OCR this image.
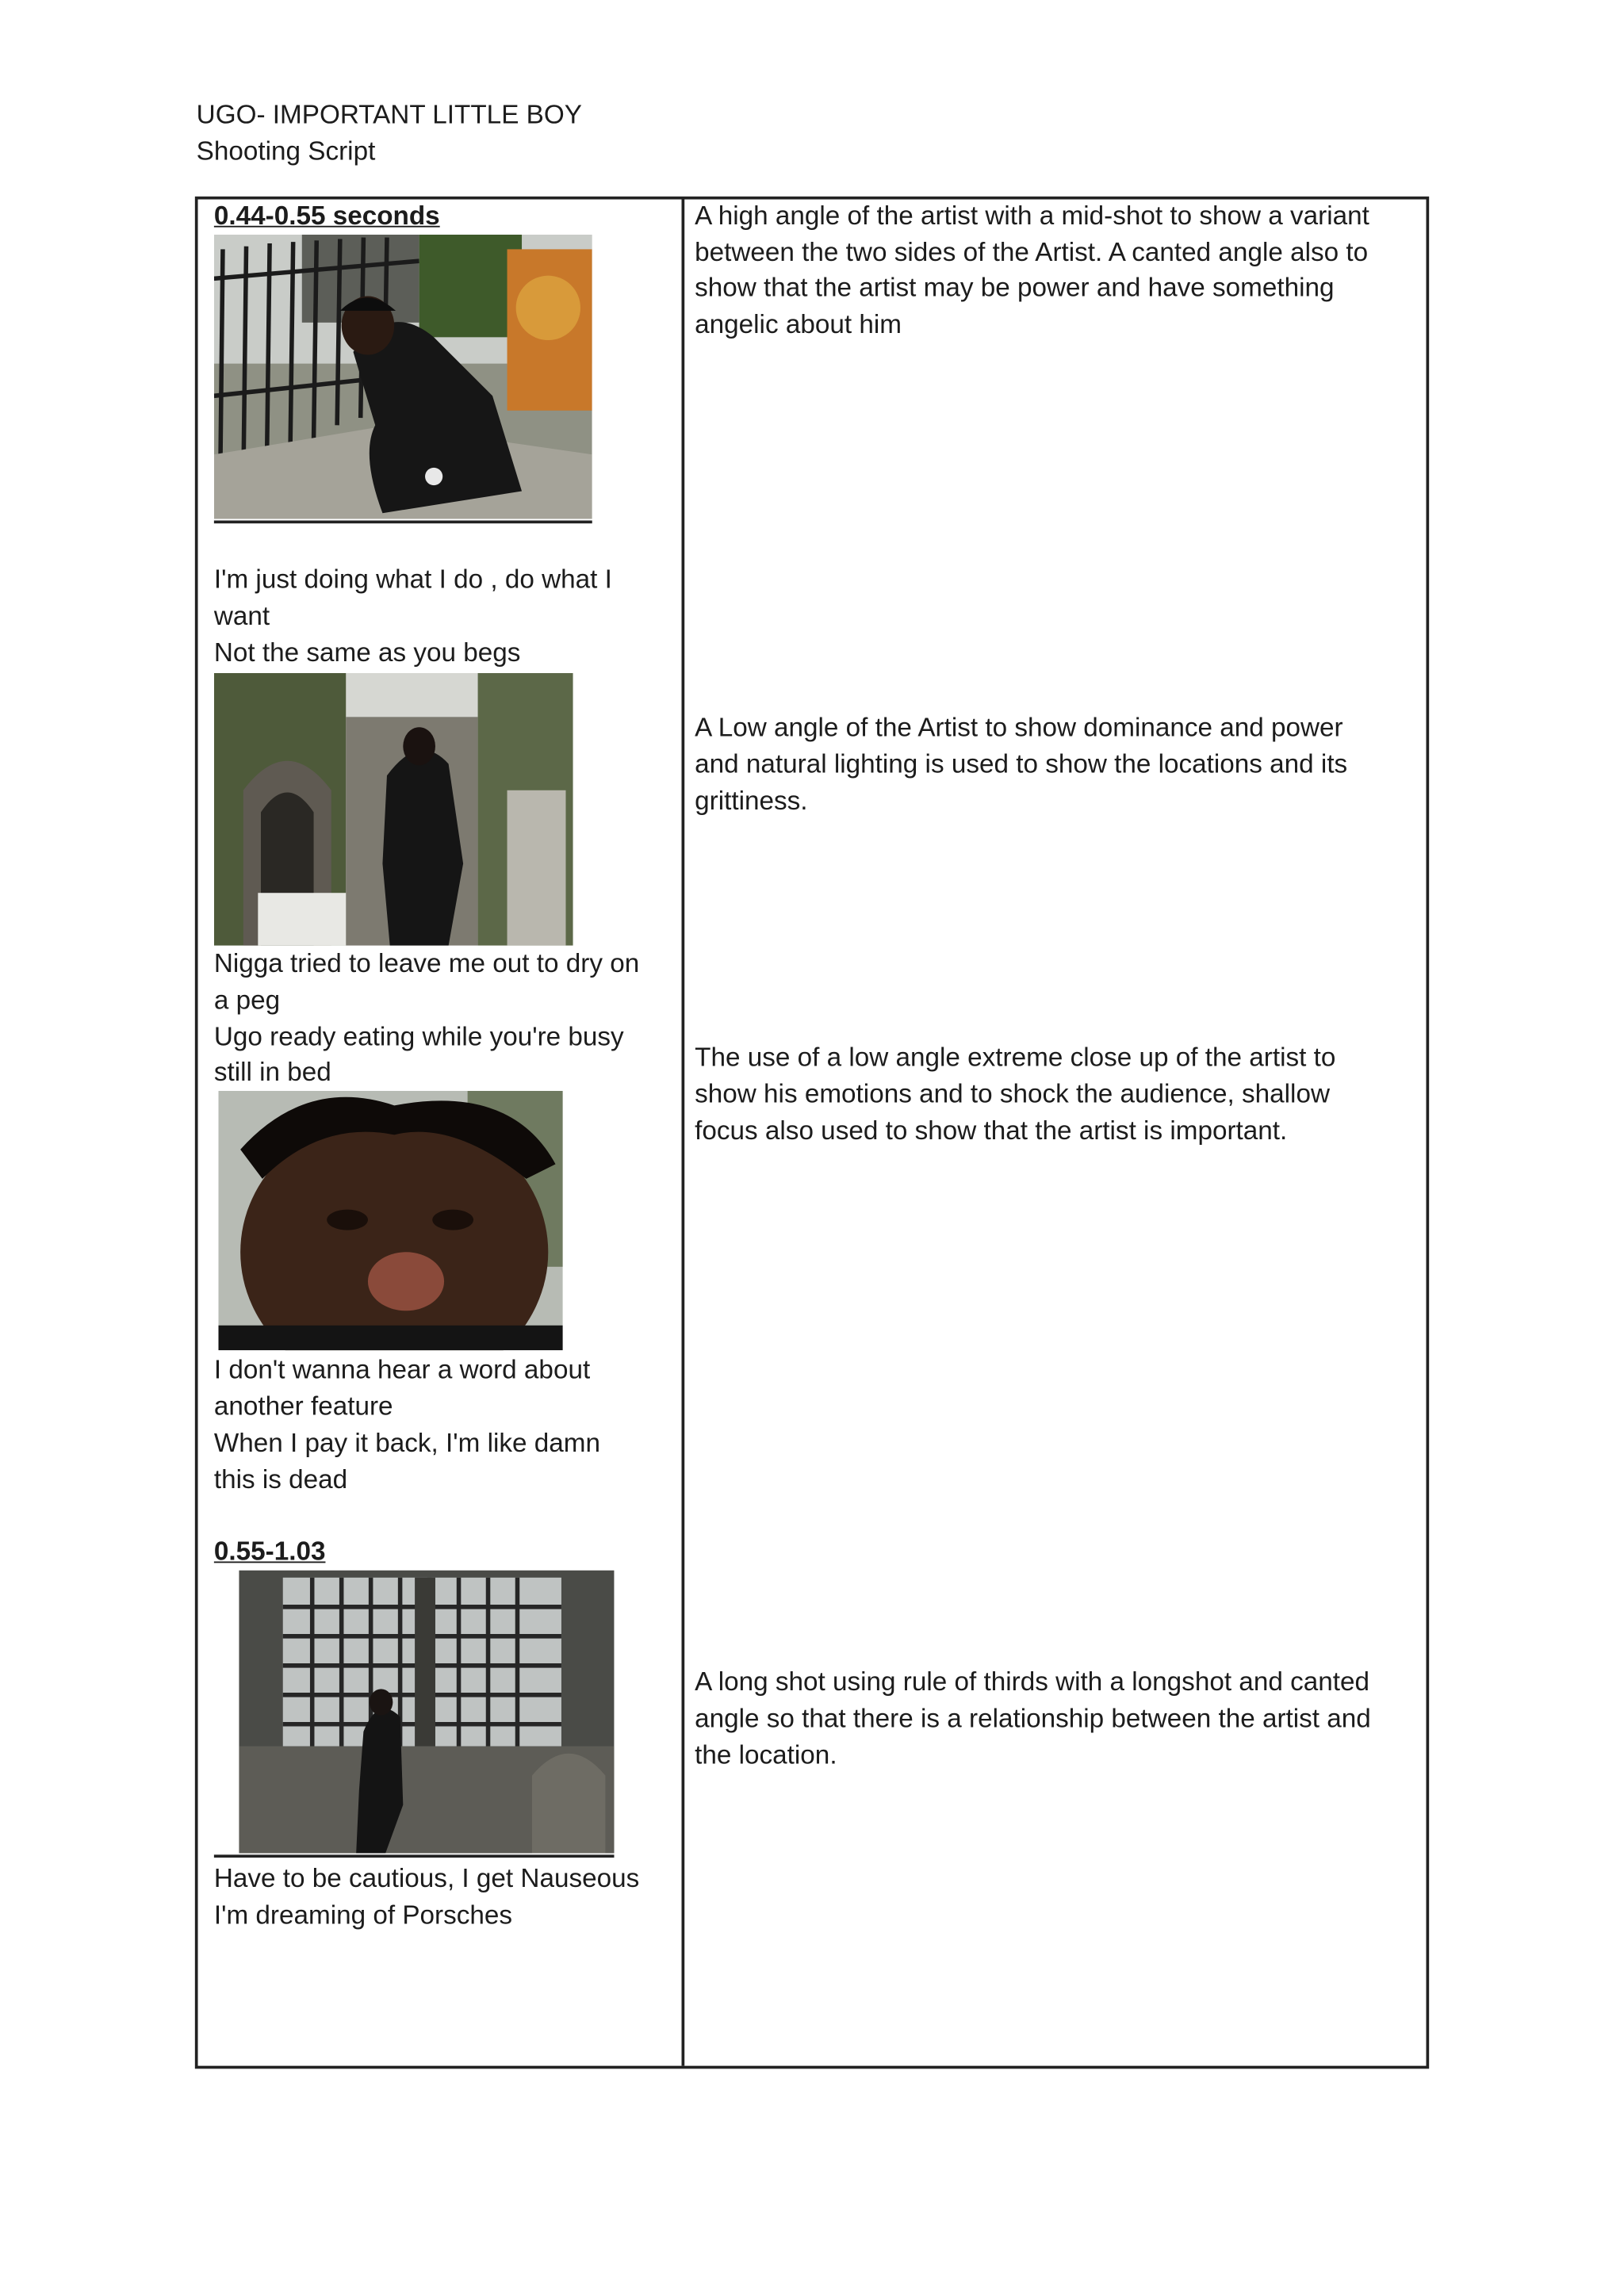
UGO- IMPORTANT LITTLE BOY
Shooting Script
0.44-0.55 seconds
I'm just doing what I do , do what I
want
Not the same as you begs
A high angle of the artist with a mid-shot to show a variant
between the two sides of the Artist. A canted angle also to
show that the artist may be power and have something
angelic about him
Nigga tried to leave me out to dry on
a peg
Ugo ready eating while you're busy
still in bed
A Low angle of the Artist to show dominance and power
and natural lighting is used to show the locations and its
grittiness.
I don't wanna hear a word about
another feature
When I pay it back, I'm like damn
this is dead
The use of a low angle extreme close up of the artist to
show his emotions and to shock the audience, shallow
focus also used to show that the artist is important.
0.55-1.03
Have to be cautious, I get Nauseous
I'm dreaming of Porsches
A long shot using rule of thirds with a longshot and canted
angle so that there is a relationship between the artist and
the location.
